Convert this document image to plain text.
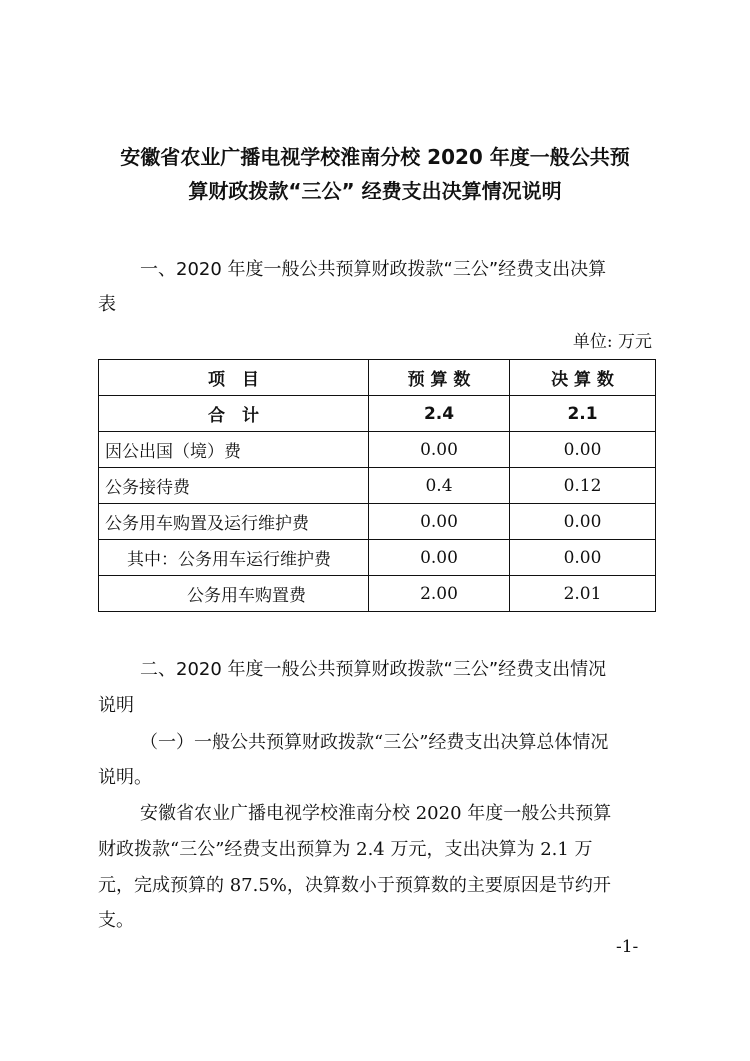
安徽省农业广播电视学校淮南分校 2020 年度一般公共预
算财政拨款“三公” 经费支出决算情况说明
一、2020 年度一般公共预算财政拨款“三公”经费支出决算
表
单位: 万元
项　目	预 算 数	决 算 数
合　计	2.4	2.1
因公出国（境）费	0.00	0.00
公务接待费	0.4	0.12
公务用车购置及运行维护费	0.00	0.00
其中：公务用车运行维护费	0.00	0.00
公务用车购置费	2.00	2.01
二、2020 年度一般公共预算财政拨款“三公”经费支出情况
说明
（一）一般公共预算财政拨款“三公”经费支出决算总体情况
说明。
安徽省农业广播电视学校淮南分校 2020 年度一般公共预算
财政拨款“三公”经费支出预算为 2.4 万元，支出决算为 2.1 万
元，完成预算的 87.5%，决算数小于预算数的主要原因是节约开
支。
-1-
